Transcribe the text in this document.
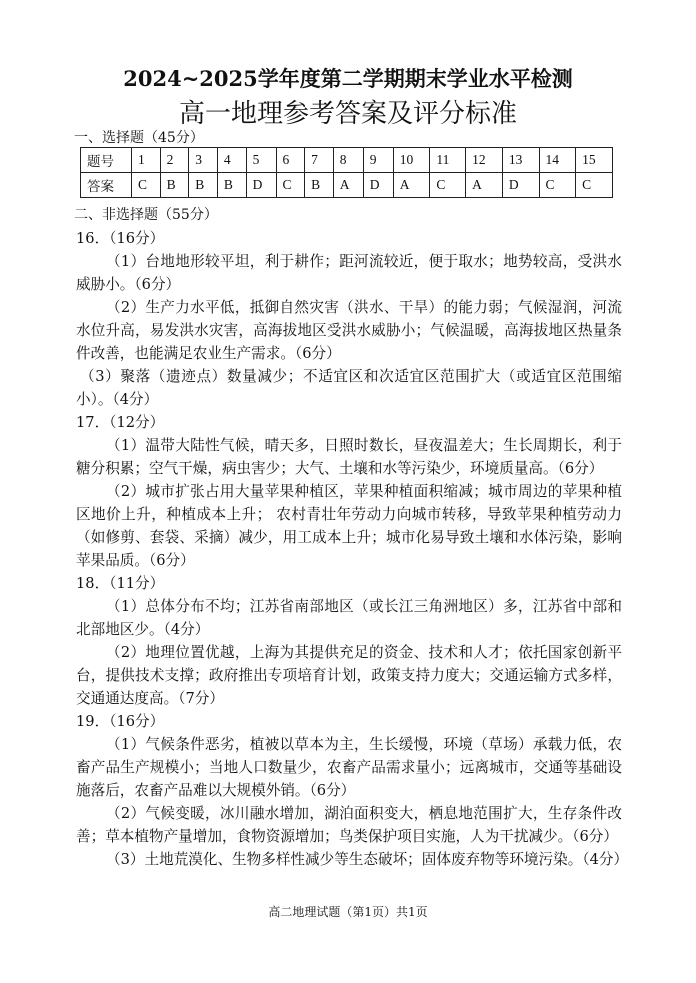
2024~2025学年度第二学期期末学业水平检测
高一地理参考答案及评分标准
一、选择题（45分）
题号	1	2	3	4	5	6	7	8	9	10	11	12	13	14	15
答案	C	B	B	B	D	C	B	A	D	A	C	A	D	C	C
二、非选择题（55分）

16．（16分）

（1）台地地形较平坦，利于耕作；距河流较近，便于取水；地势较高，受洪水威胁小。（6分）

（2）生产力水平低，抵御自然灾害（洪水、干旱）的能力弱；气候湿润，河流水位升高，易发洪水灾害，高海拔地区受洪水威胁小；气候温暖，高海拔地区热量条件改善，也能满足农业生产需求。（6分）

（3）聚落（遗迹点）数量减少；不适宜区和次适宜区范围扩大（或适宜区范围缩小）。（4分）

17．（12分）

（1）温带大陆性气候，晴天多，日照时数长，昼夜温差大；生长周期长，利于糖分积累；空气干燥，病虫害少；大气、土壤和水等污染少，环境质量高。（6分）

（2）城市扩张占用大量苹果种植区，苹果种植面积缩减；城市周边的苹果种植区地价上升，种植成本上升； 农村青壮年劳动力向城市转移，导致苹果种植劳动力（如修剪、套袋、采摘）减少，用工成本上升；城市化易导致土壤和水体污染，影响苹果品质。（6分）

18．（11分）

（1）总体分布不均；江苏省南部地区（或长江三角洲地区）多，江苏省中部和北部地区少。（4分）

（2）地理位置优越，上海为其提供充足的资金、技术和人才；依托国家创新平台，提供技术支撑；政府推出专项培育计划，政策支持力度大；交通运输方式多样，交通通达度高。（7分）

19．（16分）

（1）气候条件恶劣，植被以草本为主，生长缓慢，环境（草场）承载力低，农畜产品生产规模小；当地人口数量少，农畜产品需求量小；远离城市，交通等基础设施落后，农畜产品难以大规模外销。（6分）

（2）气候变暖，冰川融水增加，湖泊面积变大，栖息地范围扩大，生存条件改善；草本植物产量增加，食物资源增加；鸟类保护项目实施，人为干扰减少。（6分）

（3）土地荒漠化、生物多样性减少等生态破坏；固体废弃物等环境污染。（4分）

高二地理试题（第1页）共1页
